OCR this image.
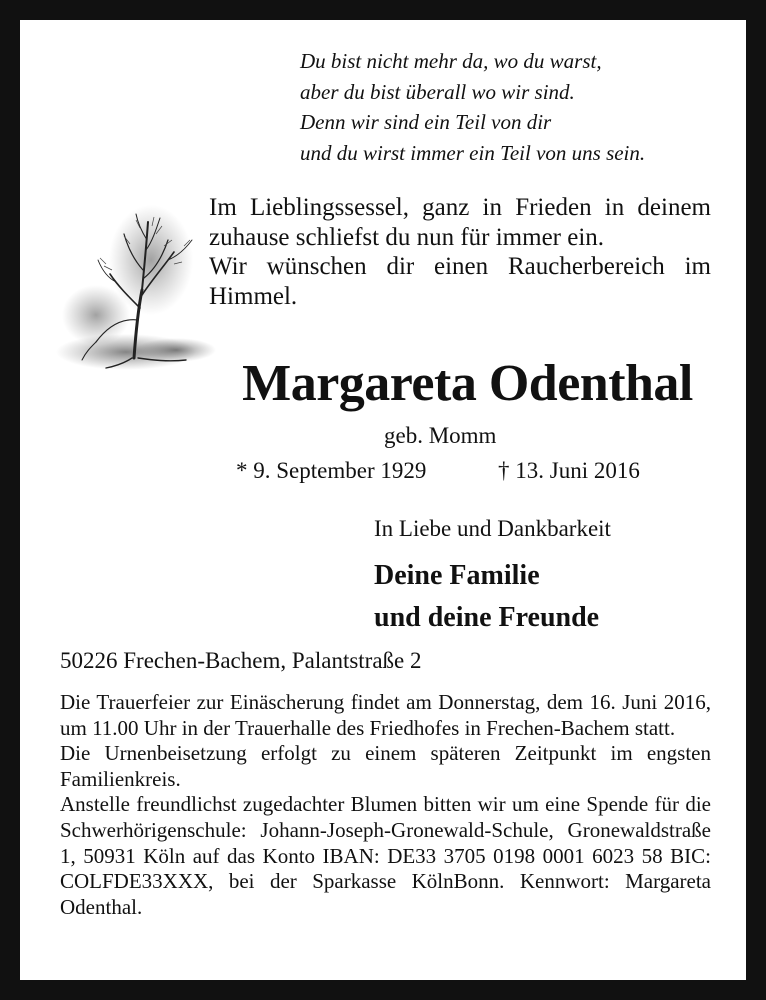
Du bist nicht mehr da, wo du warst,
aber du bist überall wo wir sind.
Denn wir sind ein Teil von dir
und du wirst immer ein Teil von uns sein.

Im Lieblingssessel, ganz in Frieden in deinem zuhause schliefst du nun für immer ein.

Wir wünschen dir einen Raucherbereich im Himmel.

Margareta Odenthal
geb. Momm
* 9. September 1929	† 13. Juni 2016
In Liebe und Dankbarkeit
Deine Familie
und deine Freunde
50226 Frechen-Bachem, Palantstraße 2

Die Trauerfeier zur Einäscherung findet am Donnerstag, dem 16. Juni 2016, um 11.00 Uhr in der Trauerhalle des Friedhofes in Frechen-Bachem statt.

Die Urnenbeisetzung erfolgt zu einem späteren Zeitpunkt im engsten Familienkreis.

Anstelle freundlichst zugedachter Blumen bitten wir um eine Spende für die Schwerhörigenschule: Johann-Joseph-Gronewald-Schule, Gronewaldstraße 1, 50931 Köln auf das Konto IBAN: DE33 3705 0198 0001 6023 58 BIC: COLFDE33XXX, bei der Sparkasse KölnBonn. Kennwort: Margareta Odenthal.
